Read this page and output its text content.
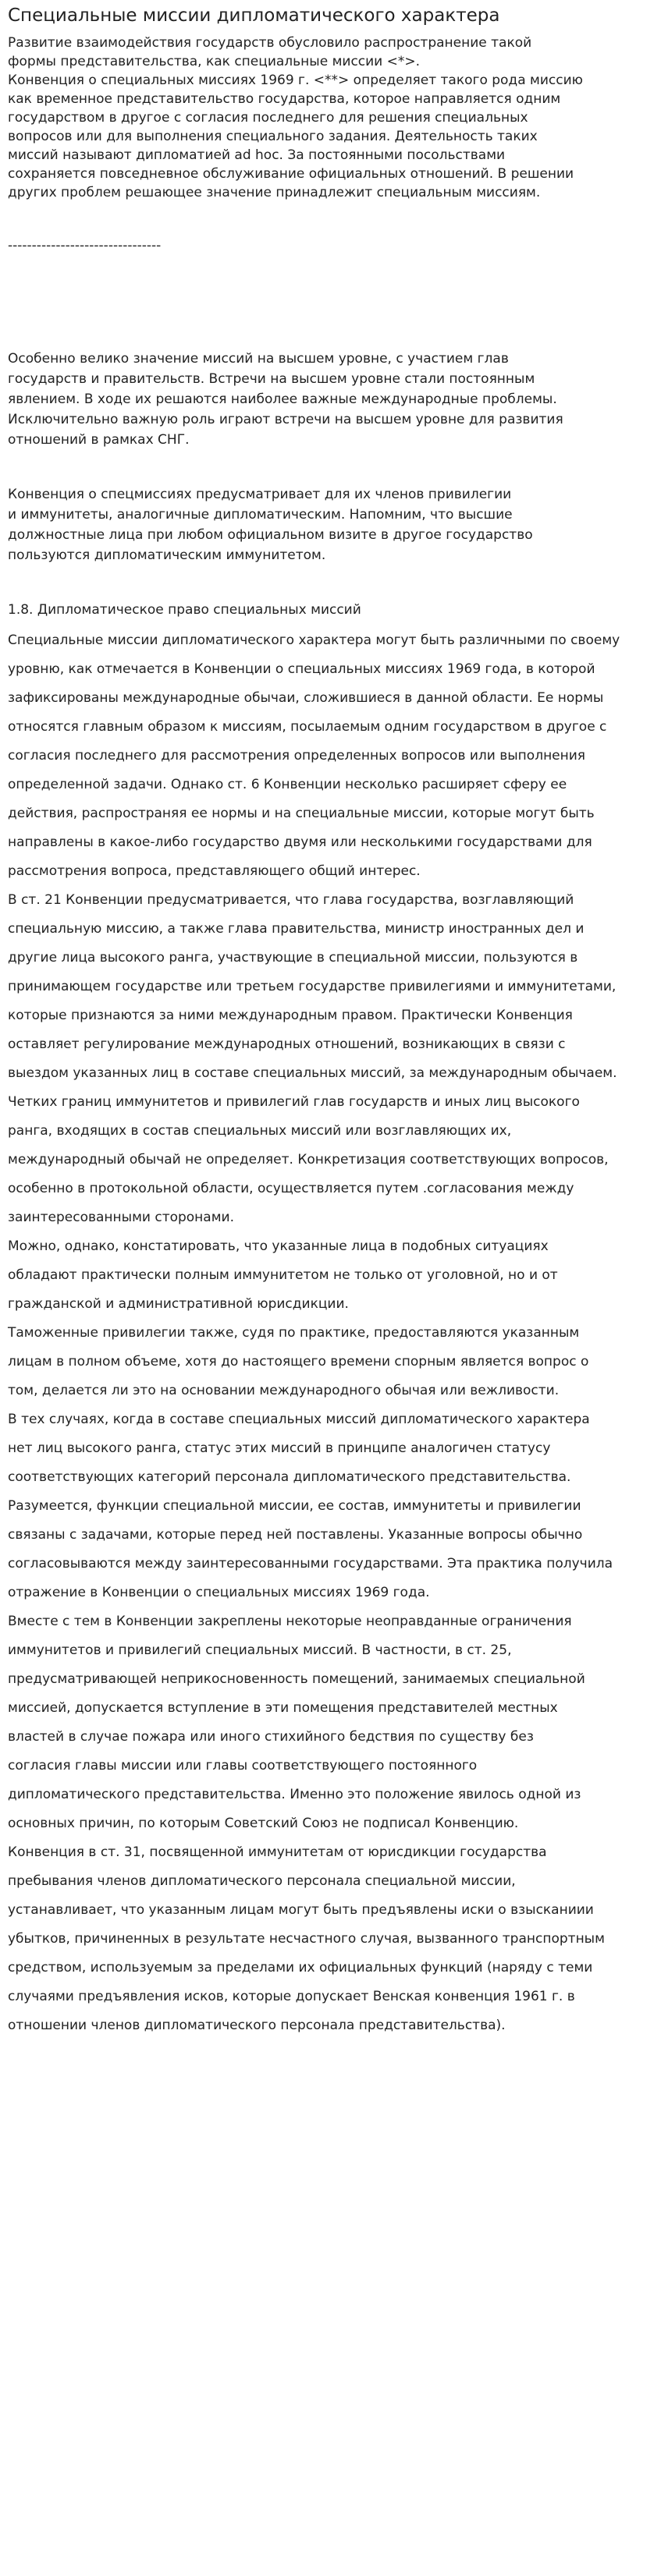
Специальные миссии дипломатического характера

Развитие взаимодействия государств обусловило распространение такой

формы представительства, как специальные миссии <*>.

Конвенция о специальных миссиях 1969 г. <**> определяет такого рода миссию

как временное представительство государства, которое направляется одним

государством в другое с согласия последнего для решения специальных

вопросов или для выполнения специального задания. Деятельность таких

миссий называют дипломатией ad hoc. За постоянными посольствами

сохраняется повседневное обслуживание официальных отношений. В решении

других проблем решающее значение принадлежит специальным миссиям.

--------------------------------

Особенно велико значение миссий на высшем уровне, с участием глав

государств и правительств. Встречи на высшем уровне стали постоянным

явлением. В ходе их решаются наиболее важные международные проблемы.

Исключительно важную роль играют встречи на высшем уровне для развития

отношений в рамках СНГ.

Конвенция о спецмиссиях предусматривает для их членов привилегии

и иммунитеты, аналогичные дипломатическим. Напомним, что высшие

должностные лица при любом официальном визите в другое государство

пользуются дипломатическим иммунитетом.

1.8. Дипломатическое право специальных миссий

Специальные миссии дипломатического характера могут быть различными по своему

уровню, как отмечается в Конвенции о специальных миссиях 1969 года, в которой

зафиксированы международные обычаи, сложившиеся в данной области. Ее нормы

относятся главным образом к миссиям, посылаемым одним государством в другое с

согласия последнего для рассмотрения определенных вопросов или выполнения

определенной задачи. Однако ст. 6 Конвенции несколько расширяет сферу ее

действия, распространяя ее нормы и на специальные миссии, которые могут быть

направлены в какое-либо государство двумя или несколькими государствами для

рассмотрения вопроса, представляющего общий интерес.

В ст. 21 Конвенции предусматривается, что глава государства, возглавляющий

специальную миссию, а также глава правительства, министр иностранных дел и

другие лица высокого ранга, участвующие в специальной миссии, пользуются в

принимающем государстве или третьем государстве привилегиями и иммунитетами,

которые признаются за ними международным правом. Практически Конвенция

оставляет регулирование международных отношений, возникающих в связи с

выездом указанных лиц в составе специальных миссий, за международным обычаем.

Четких границ иммунитетов и привилегий глав государств и иных лиц высокого

ранга, входящих в состав специальных миссий или возглавляющих их,

международный обычай не определяет. Конкретизация соответствующих вопросов,

особенно в протокольной области, осуществляется путем .согласования между

заинтересованными сторонами.

Можно, однако, констатировать, что указанные лица в подобных ситуациях

обладают практически полным иммунитетом не только от уголовной, но и от

гражданской и административной юрисдикции.

Таможенные привилегии также, судя по практике, предоставляются указанным

лицам в полном объеме, хотя до настоящего времени спорным является вопрос о

том, делается ли это на основании международного обычая или вежливости.

В тех случаях, когда в составе специальных миссий дипломатического характера

нет лиц высокого ранга, статус этих миссий в принципе аналогичен статусу

соответствующих категорий персонала дипломатического представительства.

Разумеется, функции специальной миссии, ее состав, иммунитеты и привилегии

связаны с задачами, которые перед ней поставлены. Указанные вопросы обычно

согласовываются между заинтересованными государствами. Эта практика получила

отражение в Конвенции о специальных миссиях 1969 года.

Вместе с тем в Конвенции закреплены некоторые неоправданные ограничения

иммунитетов и привилегий специальных миссий. В частности, в ст. 25,

предусматривающей неприкосновенность помещений, занимаемых специальной

миссией, допускается вступление в эти помещения представителей местных

властей в случае пожара или иного стихийного бедствия по существу без

согласия главы миссии или главы соответствующего постоянного

дипломатического представительства. Именно это положение явилось одной из

основных причин, по которым Советский Союз не подписал Конвенцию.

Конвенция в ст. 31, посвященной иммунитетам от юрисдикции государства

пребывания членов дипломатического персонала специальной миссии,

устанавливает, что указанным лицам могут быть предъявлены иски о взысканиии

убытков, причиненных в результате несчастного случая, вызванного транспортным

средством, используемым за пределами их официальных функций (наряду с теми

случаями предъявления исков, которые допускает Венская конвенция 1961 г. в

отношении членов дипломатического персонала представительства).
